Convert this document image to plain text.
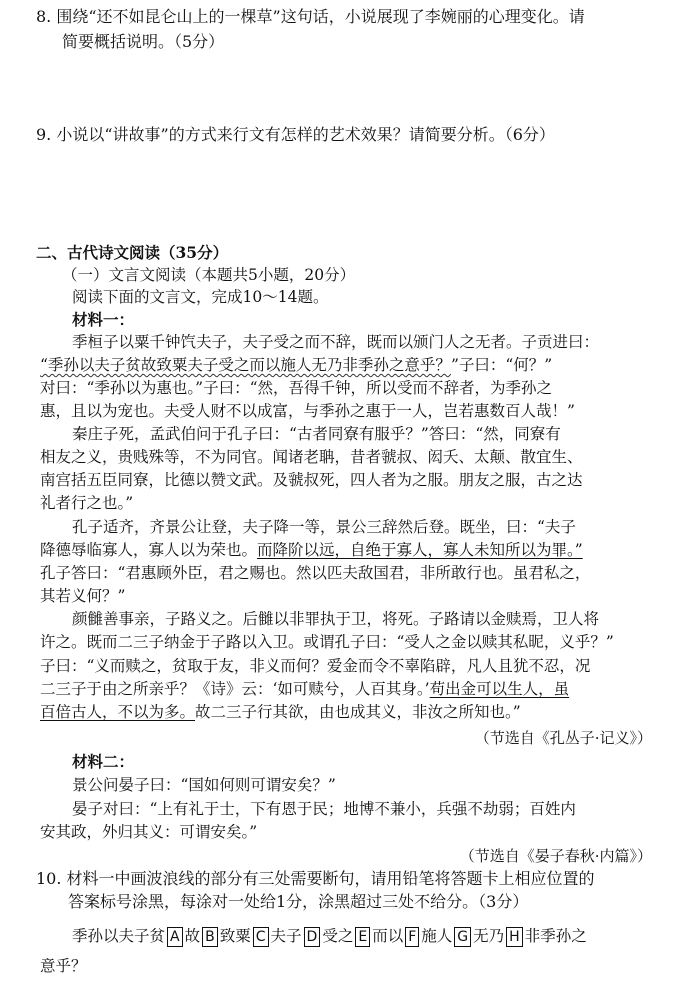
8. 围绕“还不如昆仑山上的一棵草”这句话，小说展现了李婉丽的心理变化。请
简要概括说明。（5分）
9. 小说以“讲故事”的方式来行文有怎样的艺术效果？请简要分析。（6分）
二、古代诗文阅读（35分）
（一）文言文阅读（本题共5小题，20分）
阅读下面的文言文，完成10～14题。
材料一：
季桓子以粟千钟饩夫子，夫子受之而不辞，既而以颁门人之无者。子贡进曰：
“季孙以夫子贫故致粟夫子受之而以施人无乃非季孙之意乎？”子曰：“何？”
对曰：“季孙以为惠也。”子曰：“然，吾得千钟，所以受而不辞者，为季孙之
惠，且以为宠也。夫受人财不以成富，与季孙之惠于一人，岂若惠数百人哉！”
秦庄子死，孟武伯问于孔子曰：“古者同寮有服乎？”答曰：“然，同寮有
相友之义，贵贱殊等，不为同官。闻诸老聃，昔者虢叔、闳夭、太颠、散宜生、
南宫括五臣同寮，比德以赞文武。及虢叔死，四人者为之服。朋友之服，古之达
礼者行之也。”
孔子适齐，齐景公让登，夫子降一等，景公三辞然后登。既坐，曰：“夫子
降德辱临寡人，寡人以为荣也。而降阶以远，自绝于寡人，寡人未知所以为罪。”
孔子答曰：“君惠顾外臣，君之赐也。然以匹夫敌国君，非所敢行也。虽君私之，
其若义何？”
颜雠善事亲，子路义之。后雠以非罪执于卫，将死。子路请以金赎焉，卫人将
许之。既而二三子纳金于子路以入卫。或谓孔子曰：“受人之金以赎其私昵，义乎？”
子曰：“义而赎之，贫取于友，非义而何？爱金而令不辜陷辟，凡人且犹不忍，况
二三子于由之所亲乎？《诗》云：‘如可赎兮，人百其身。’苟出金可以生人，虽
百倍古人，不以为多。故二三子行其欲，由也成其义，非汝之所知也。”
（节选自《孔丛子·记义》）
材料二：
景公问晏子曰：“国如何则可谓安矣？”
晏子对曰：“上有礼于士，下有恩于民；地博不兼小，兵强不劫弱；百姓内
安其政，外归其义：可谓安矣。”
（节选自《晏子春秋·内篇》）
10. 材料一中画波浪线的部分有三处需要断句，请用铅笔将答题卡上相应位置的
答案标号涂黑，每涂对一处给1分，涂黑超过三处不给分。（3分）
季孙以夫子贫 A 故 B 致粟 C 夫子 D 受之 E 而以 F 施人 G 无乃 H 非季孙之
意乎？
